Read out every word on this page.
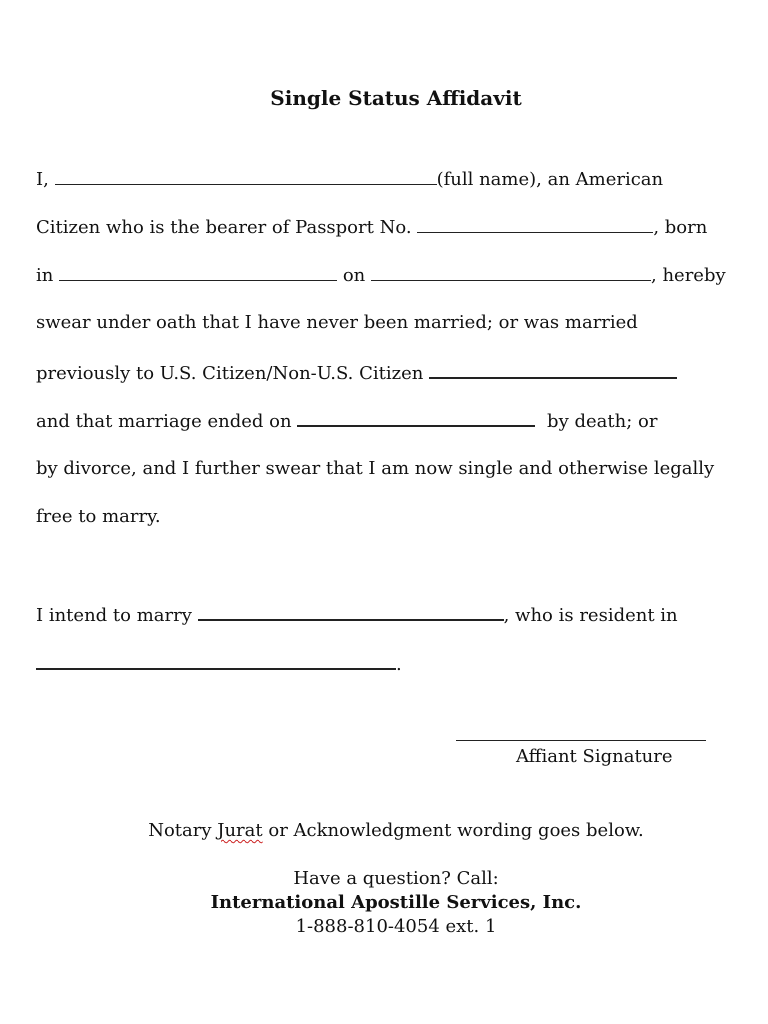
Single Status Affidavit
I,	(full name), an American
Citizen who is the bearer of Passport No.	, born
in	on	, hereby
swear under oath that I have never been married; or was married
previously to U.S. Citizen/Non-U.S. Citizen
and that marriage ended on	by death; or
by divorce, and I further swear that I am now single and otherwise legally
free to marry.
I intend to marry	, who is resident in
.
Affiant Signature
Notary Jurat or Acknowledgment wording goes below.
Have a question? Call:
International Apostille Services, Inc.
1-888-810-4054 ext. 1
